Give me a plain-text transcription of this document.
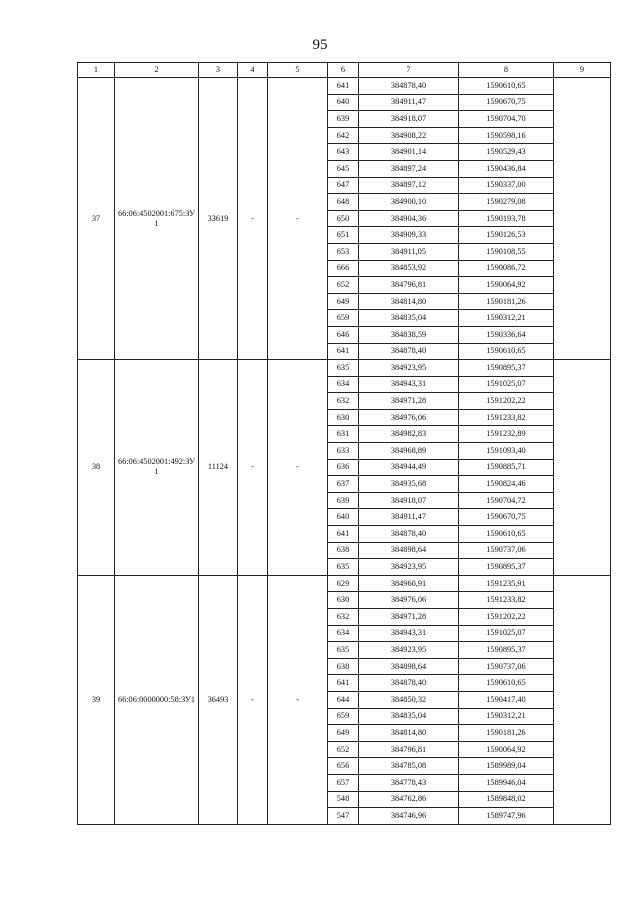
95
1	2	3	4	5	6	7	8	9
37	66:06:4502001:675:ЗУ1	33619	-	-	641	384878,40	1590610,65	
					640	384911,47	1590670,75	
					639	384918,07	1590704,70	
					642	384908,22	1590598,16	
					643	384901,14	1590529,43	
					645	384897,24	1590436,84	
					647	384897,12	1590337,00	
					648	384900,10	1590279,08	
					650	384904,36	1590193,78	
					651	384909,33	1590126,53	
					653	384911,05	1590108,55	
					666	384853,92	1590086,72	
					652	384796,81	1590064,92	
					649	384814,80	1590181,26	
					659	384835,04	1590312,21	
					646	384838,59	1590336,64	
					641	384878,40	1590610,65	
38	66:06:4502001:492:ЗУ1	11124	-	-	635	384923,95	1590895,37	
					634	384943,31	1591025,07	
					632	384971,28	1591202,22	
					630	384976,06	1591233,82	
					631	384982,83	1591232,89	
					633	384968,89	1591093,40	
					636	384944,49	1590885,71	
					637	384935,68	1590824,46	
					639	384918,07	1590704,72	
					640	384911,47	1590670,75	
					641	384878,40	1590610,65	
					638	384898,64	1590737,06	
					635	384923,95	1590895,37	
39	66:06:0000000:58:ЗУ1	36493	-	-	629	384960,91	1591235,91	
					630	384976,06	1591233,82	
					632	384971,28	1591202,22	
					634	384943,31	1591025,07	
					635	384923,95	1590895,37	
					638	384898,64	1590737,06	
					641	384878,40	1590610,65	
					644	384850,32	1590417,40	
					659	384835,04	1590312,21	
					649	384814,80	1590181,26	
					652	384796,81	1590064,92	
					656	384785,08	1589989,04	
					657	384778,43	1589946,04	
					548	384762,86	1589848,02	
					547	384746,96	1589747,96	
